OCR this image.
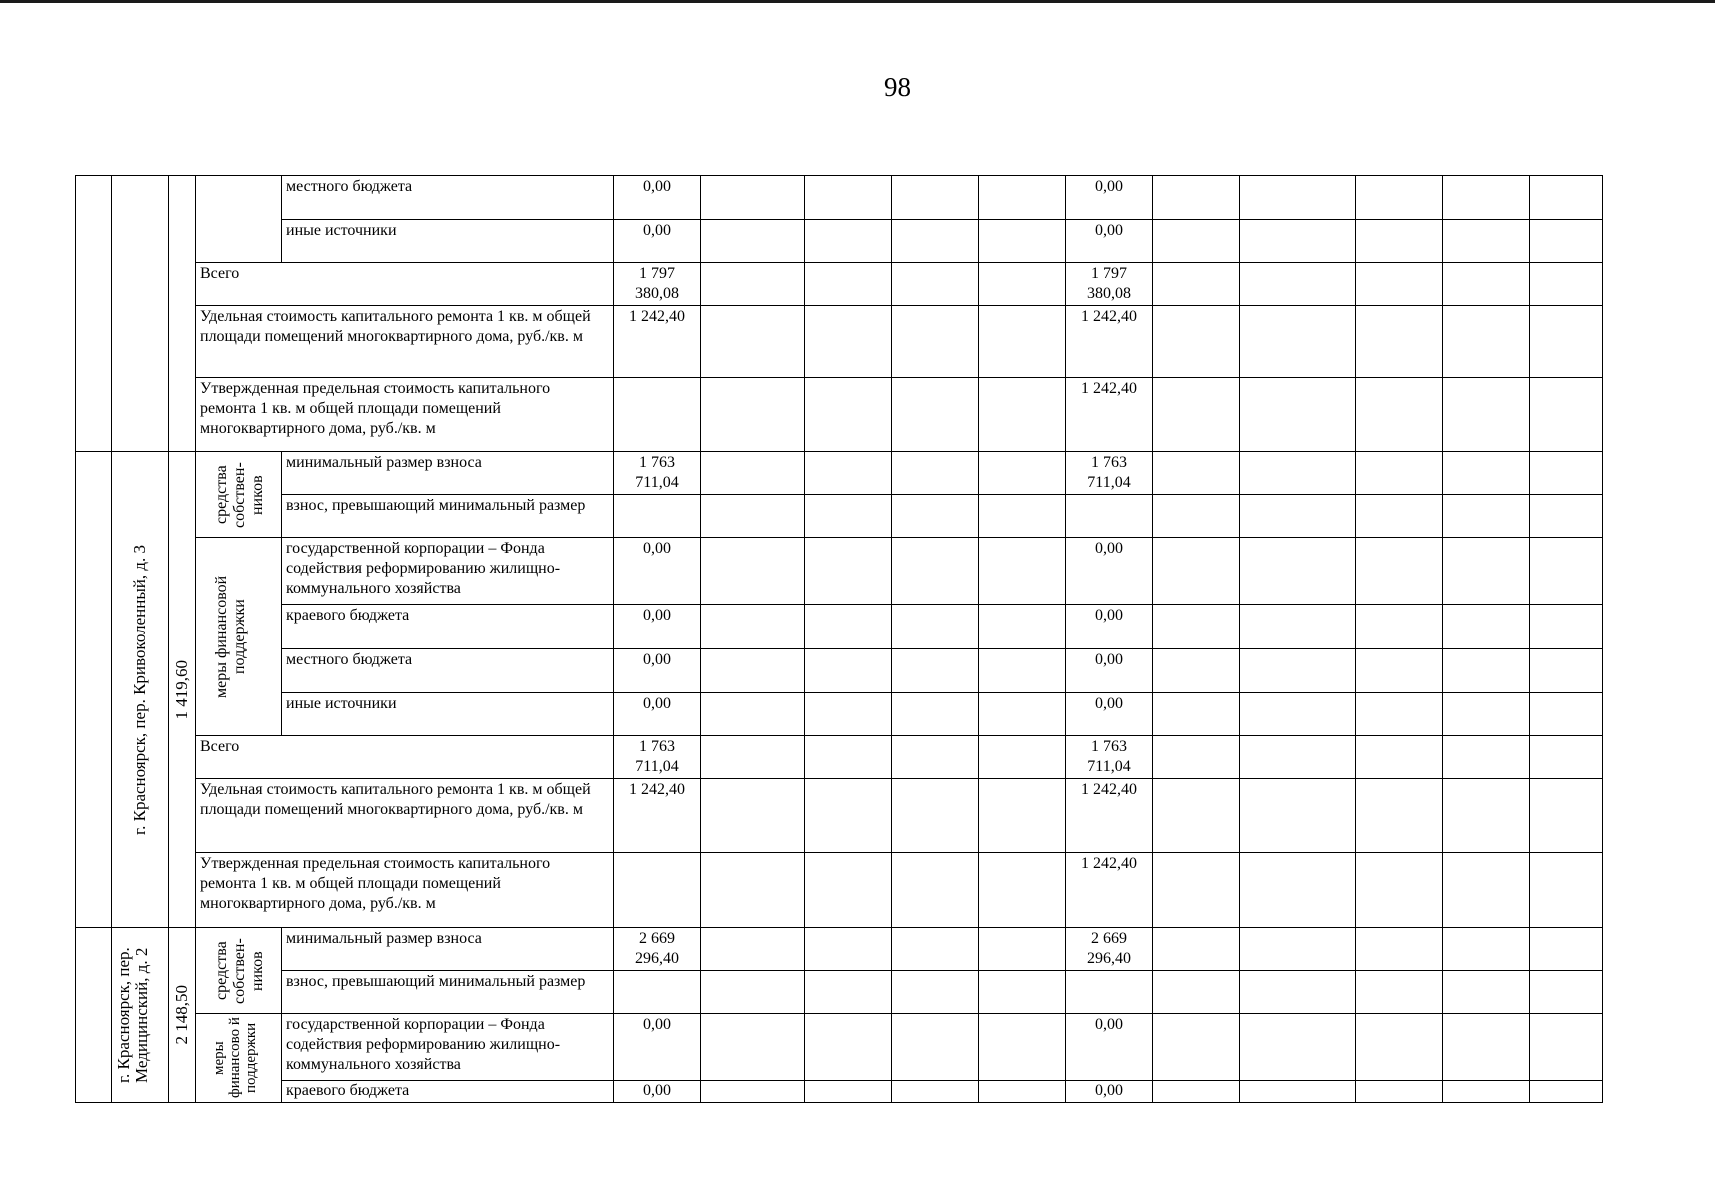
98
				местного бюджета	0,00					0,00					
				иные источники	0,00					0,00					
			Всего		1 797 380,08					1 797 380,08					
			Удельная стоимость капитального ремонта 1 кв. м общей площади помещений многоквартирного дома, руб./кв. м		1 242,40					1 242,40					
			Утвержденная предельная стоимость капитального ремонта 1 кв. м общей площади помещений многоквартирного дома, руб./кв. м							1 242,40					

	г. Красноярск, пер. Кривоколенный, д. 3	1 419,60	средства собствен-ников	минимальный размер взноса	1 763 711,04					1 763 711,04					
				взнос, превышающий минимальный размер											

			меры финансовой поддержки	государственной корпорации – Фонда содействия реформированию жилищно-коммунального хозяйства	0,00					0,00					
				краевого бюджета	0,00					0,00					
				местного бюджета	0,00					0,00					
				иные источники	0,00					0,00					
			Всего		1 763 711,04					1 763 711,04					
			Удельная стоимость капитального ремонта 1 кв. м общей площади помещений многоквартирного дома, руб./кв. м		1 242,40					1 242,40					
			Утвержденная предельная стоимость капитального ремонта 1 кв. м общей площади помещений многоквартирного дома, руб./кв. м							1 242,40					

	г. Красноярск, пер. Медицинский, д. 2	2 148,50	средства собствен-ников	минимальный размер взноса	2 669 296,40					2 669 296,40					
				взнос, превышающий минимальный размер											

			меры финансово й поддержки	государственной корпорации – Фонда содействия реформированию жилищно-коммунального хозяйства	0,00					0,00					
				краевого бюджета	0,00					0,00					
